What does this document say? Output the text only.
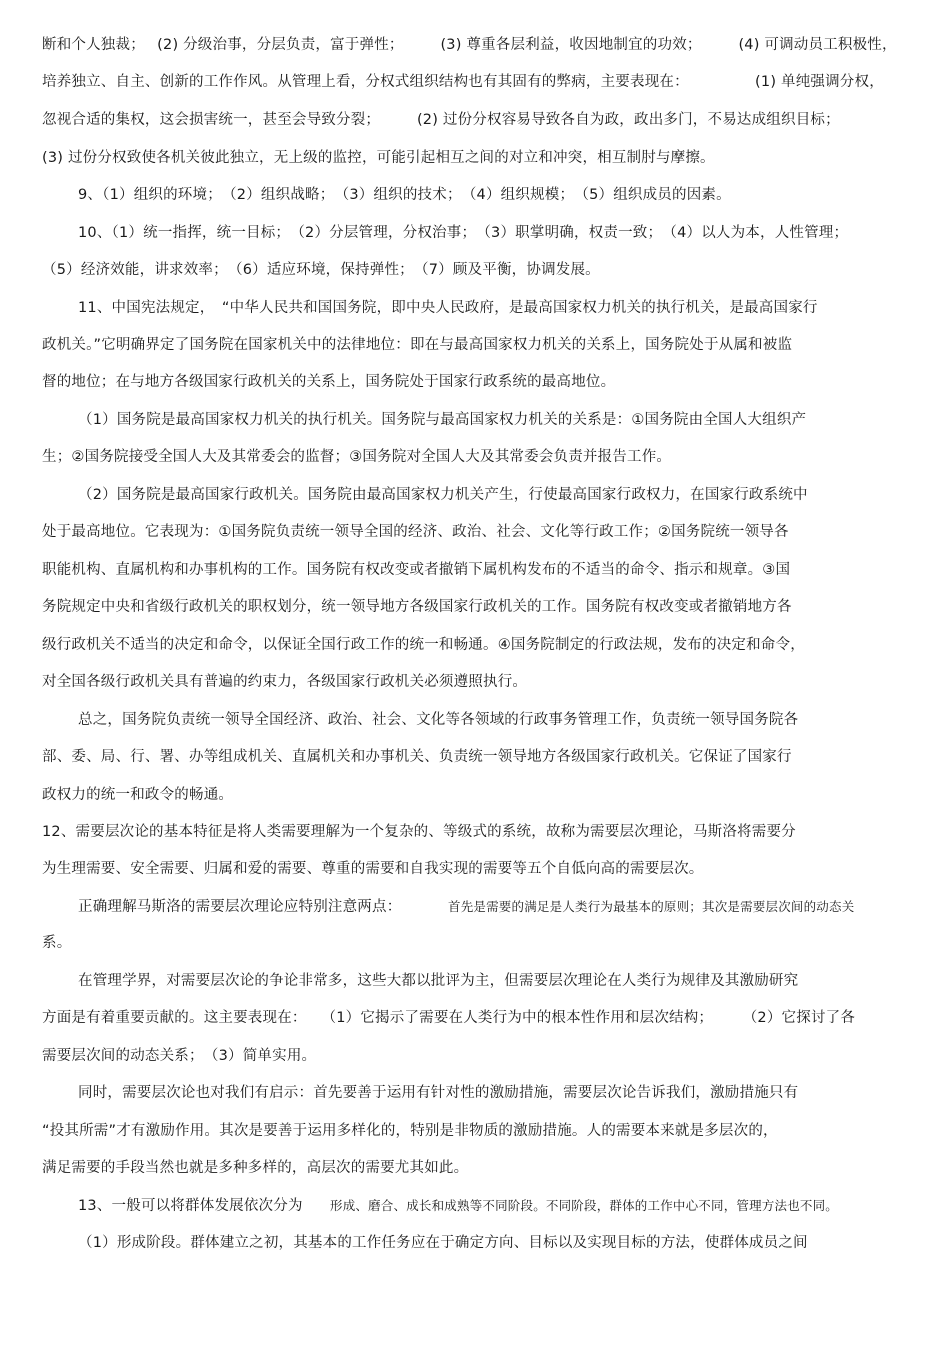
断和个人独裁；　 (2) 分级治事，分层负责，富于弹性；　　　(3) 尊重各层利益，收因地制宜的功效；　　　(4) 可调动员工积极性，
培养独立、自主、创新的工作作风。从管理上看，分权式组织结构也有其固有的弊病，主要表现在：　　　　　(1) 单纯强调分权，
忽视合适的集权，这会损害统一，甚至会导致分裂；　　　(2) 过份分权容易导致各自为政，政出多门，不易达成组织目标；
(3) 过份分权致使各机关彼此独立，无上级的监控，可能引起相互之间的对立和冲突，相互制肘与摩擦。
9、（1）组织的环境；　（2）组织战略；　（3）组织的技术；　（4）组织规模；　（5）组织成员的因素。
10、（1）统一指挥，统一目标；　（2）分层管理，分权治事；　（3）职掌明确，权责一致；　（4）以人为本，人性管理；
（5）经济效能，讲求效率；　（6）适应环境，保持弹性；　（7）顾及平衡，协调发展。
11、中国宪法规定，　“中华人民共和国国务院，即中央人民政府，是最高国家权力机关的执行机关，是最高国家行
政机关。”它明确界定了国务院在国家机关中的法律地位：即在与最高国家权力机关的关系上，国务院处于从属和被监
督的地位；在与地方各级国家行政机关的关系上，国务院处于国家行政系统的最高地位。
（1）国务院是最高国家权力机关的执行机关。国务院与最高国家权力机关的关系是：①国务院由全国人大组织产
生；②国务院接受全国人大及其常委会的监督；③国务院对全国人大及其常委会负责并报告工作。
（2）国务院是最高国家行政机关。国务院由最高国家权力机关产生，行使最高国家行政权力，在国家行政系统中
处于最高地位。它表现为：①国务院负责统一领导全国的经济、政治、社会、文化等行政工作；②国务院统一领导各
职能机构、直属机构和办事机构的工作。国务院有权改变或者撤销下属机构发布的不适当的命令、指示和规章。③国
务院规定中央和省级行政机关的职权划分，统一领导地方各级国家行政机关的工作。国务院有权改变或者撤销地方各
级行政机关不适当的决定和命令，以保证全国行政工作的统一和畅通。④国务院制定的行政法规，发布的决定和命令，
对全国各级行政机关具有普遍的约束力，各级国家行政机关必须遵照执行。
总之，国务院负责统一领导全国经济、政治、社会、文化等各领域的行政事务管理工作，负责统一领导国务院各
部、委、局、行、署、办等组成机关、直属机关和办事机关、负责统一领导地方各级国家行政机关。它保证了国家行
政权力的统一和政令的畅通。
12、需要层次论的基本特征是将人类需要理解为一个复杂的、等级式的系统，故称为需要层次理论，马斯洛将需要分
为生理需要、安全需要、归属和爱的需要、尊重的需要和自我实现的需要等五个自低向高的需要层次。
正确理解马斯洛的需要层次理论应特别注意两点：	首先是需要的满足是人类行为最基本的原则；其次是需要层次间的动态关
系。
在管理学界，对需要层次论的争论非常多，这些大都以批评为主，但需要层次理论在人类行为规律及其激励研究
方面是有着重要贡献的。这主要表现在：　　（1）它揭示了需要在人类行为中的根本性作用和层次结构；　　　（2）它探讨了各
需要层次间的动态关系；　（3）简单实用。
同时，需要层次论也对我们有启示：首先要善于运用有针对性的激励措施，需要层次论告诉我们，激励措施只有
“投其所需”才有激励作用。其次是要善于运用多样化的，特别是非物质的激励措施。人的需要本来就是多层次的，
满足需要的手段当然也就是多种多样的，高层次的需要尤其如此。
13、一般可以将群体发展依次分为 形成、磨合、成长和成熟等不同阶段。不同阶段，群体的工作中心不同，管理方法也不同。
（1）形成阶段。群体建立之初，其基本的工作任务应在于确定方向、目标以及实现目标的方法，使群体成员之间
